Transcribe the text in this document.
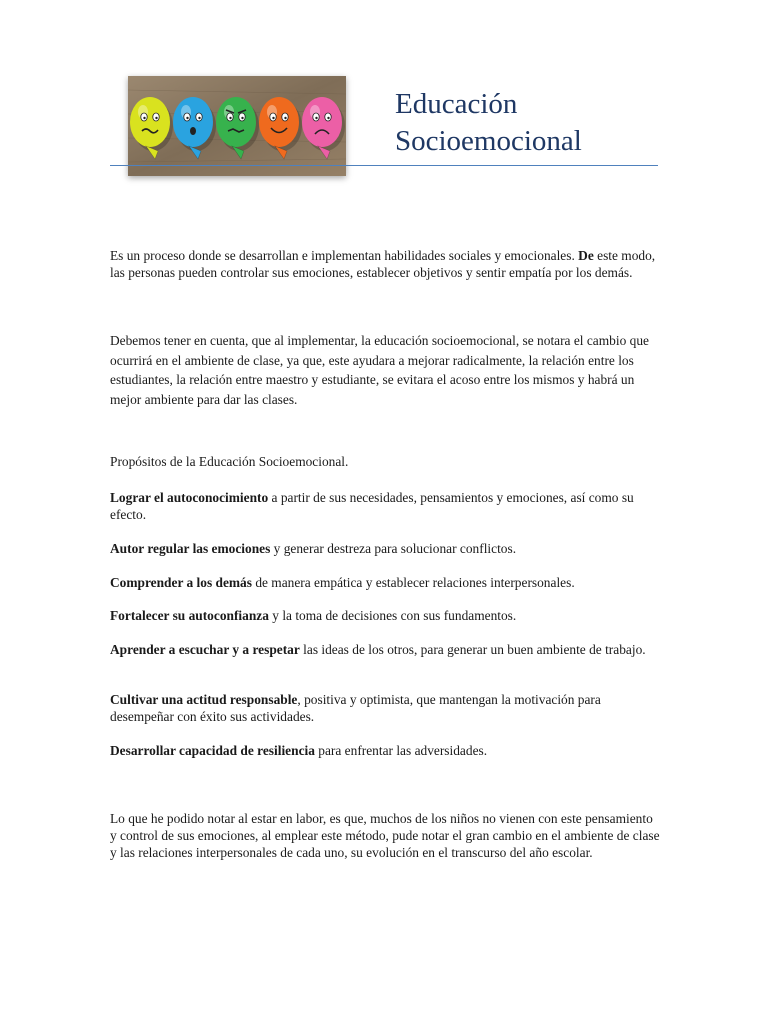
Educación
Socioemocional

Es un proceso donde se desarrollan e implementan habilidades sociales y emocionales. De este modo, las personas pueden controlar sus emociones, establecer objetivos y sentir empatía por los demás.

Debemos tener en cuenta, que al implementar, la educación socioemocional, se notara el cambio que ocurrirá en el ambiente de clase, ya que, este ayudara a mejorar radicalmente, la relación entre los estudiantes, la relación entre maestro y estudiante, se evitara el acoso entre los mismos y habrá un mejor ambiente para dar las clases.

Propósitos de la Educación Socioemocional.

Lograr el autoconocimiento a partir de sus necesidades, pensamientos y emociones, así como su efecto.

Autor regular las emociones y generar destreza para solucionar conflictos.

Comprender a los demás de manera empática y establecer relaciones interpersonales.

Fortalecer su autoconfianza y la toma de decisiones con sus fundamentos.

Aprender a escuchar y a respetar las ideas de los otros, para generar un buen ambiente de trabajo.

Cultivar una actitud responsable, positiva y optimista, que mantengan la motivación para desempeñar con éxito sus actividades.

Desarrollar capacidad de resiliencia para enfrentar las adversidades.

Lo que he podido notar al estar en labor, es que, muchos de los niños no vienen con este pensamiento y control de sus emociones, al emplear este método, pude notar el gran cambio en el ambiente de clase y las relaciones interpersonales de cada uno, su evolución en el transcurso del año escolar.
